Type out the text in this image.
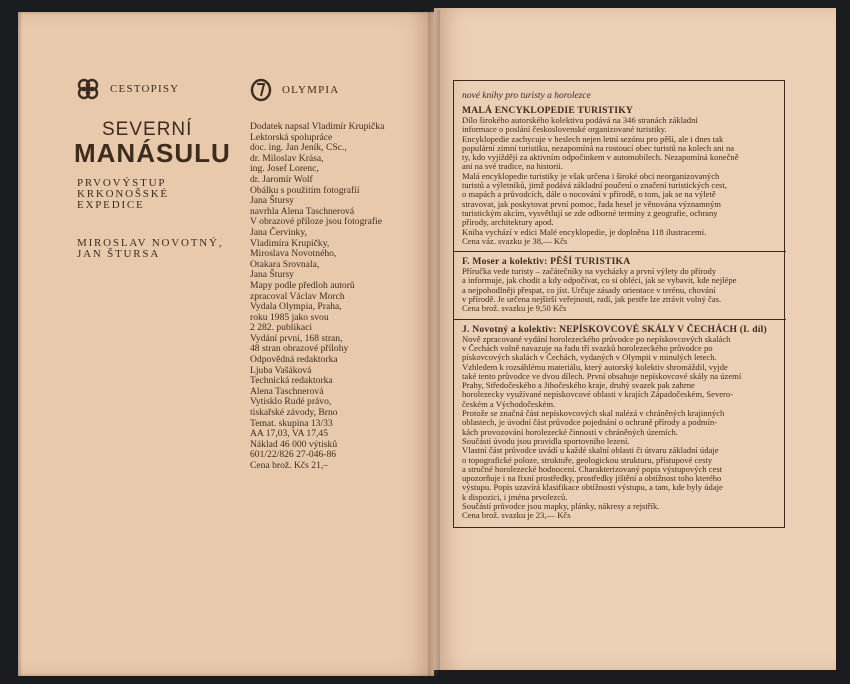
CESTOPISY	OLYMPIA
SEVERNÍ
MANÁSULU
PRVOVÝSTUP
KRKONOŠSKÉ
EXPEDICE
MIROSLAV NOVOTNÝ,
JAN ŠTURSA
Dodatek napsal Vladimír Krupička
Lektorská spolupráce
doc. ing. Jan Jeník, CSc.,
dr. Miloslav Krása,
ing. Josef Lorenc,
dr. Jaromír Wolf
Obálku s použitím fotografií
Jana Štursy
navrhla Alena Taschnerová
V obrazové příloze jsou fotografie
Jana Červinky,
Vladimíra Krupičky,
Miroslava Novotného,
Otakara Srovnala,
Jana Štursy
Mapy podle předloh autorů
zpracoval Václav Morch
Vydala Olympia, Praha,
roku 1985 jako svou
2 282. publikaci
Vydání první, 168 stran,
48 stran obrazové přílohy
Odpovědná redaktorka
Ljuba Vašáková
Technická redaktorka
Alena Taschnerová
Vytisklo Rudé právo,
tiskařské závody, Brno
Temat. skupina 13/33
AA 17,03, VA 17,45
Náklad 46 000 výtisků
601/22/826 27-046-86
Cena brož. Kčs 21,–
nové knihy pro turisty a horolezce
MALÁ ENCYKLOPEDIE TURISTIKY
Dílo širokého autorského kolektivu podává na 346 stranách základní
informace o poslání československé organizované turistiky.
Encyklopedie zachycuje v heslech nejen letní sezónu pro pěší, ale i dnes tak
populární zimní turistiku, nezapomíná na rostoucí obec turistů na kolech ani na
ty, kdo vyjíždějí za aktivním odpočinkem v automobilech. Nezapomíná konečně
ani na své tradice, na historii.
Malá encyklopedie turistiky je však určena i široké obci neorganizovaných
turistů a výletníků, jimž podává základní poučení o značení turistických cest,
o mapách a průvodcích, dále o nocování v přírodě, o tom, jak se na výletě
stravovat, jak poskytovat první pomoc, řada hesel je věnována významným
turistickým akcím, vysvětlují se zde odborné termíny z geografie, ochrany
přírody, architektury apod.
Kniha vychází v edici Malé encyklopedie, je doplněna 118 ilustracemi.
Cena váz. svazku je 38,— Kčs
F. Moser a kolektiv: PĚŠÍ TURISTIKA
Příručka vede turisty – začátečníky na vycházky a první výlety do přírody
a informuje, jak chodit a kdy odpočívat, co si obléci, jak se vybavit, kde nejlépe
a nejpohodlněji přespat, co jíst. Určuje zásady orientace v terénu, chování
v přírodě. Je určena nejširší veřejnosti, radí, jak pestře lze ztrávit volný čas.
Cena brož. svazku je 9,50 Kčs
J. Novotný a kolektiv: NEPÍSKOVCOVÉ SKÁLY V ČECHÁCH (I. díl)
Nově zpracované vydání horolezeckého průvodce po nepískovcových skalách
v Čechách volně navazuje na řadu tří svazků horolezeckého průvodce po
pískovcových skalách v Čechách, vydaných v Olympii v minulých letech.
Vzhledem k rozsáhlému materiálu, který autorský kolektiv shromáždil, vyjde
také tento průvodce ve dvou dílech. První obsahuje nepískovcové skály na území
Prahy, Středočeského a Jihočeského kraje, druhý svazek pak zahrne
horolezecky využívané nepískovcové oblasti v krajích Západočeském, Severo-
českém a Východočeském.
Protože se značná část nepískovcových skal nalézá v chráněných krajinných
oblastech, je úvodní část průvodce pojednání o ochraně přírody a podmín-
kách provozování horolezecké činnosti v chráněných územích.
Součástí úvodu jsou pravidla sportovního lezení.
Vlastní část průvodce uvádí u každé skalní oblasti či útvaru základní údaje
o topografické poloze, struktuře, geologickou strukturu, přístupové cesty
a stručné horolezecké hodnocení. Charakterizovaný popis výstupových cest
upozorňuje i na fixní prostředky, prostředky jištění a obtížnost toho kterého
výstupu. Popis uzavírá klasifikace obtížnosti výstupu, a tam, kde byly údaje
k dispozici, i jména prvolezců.
Součástí průvodce jsou mapky, plánky, nákresy a rejstřík.
Cena brož. svazku je 23,— Kčs
